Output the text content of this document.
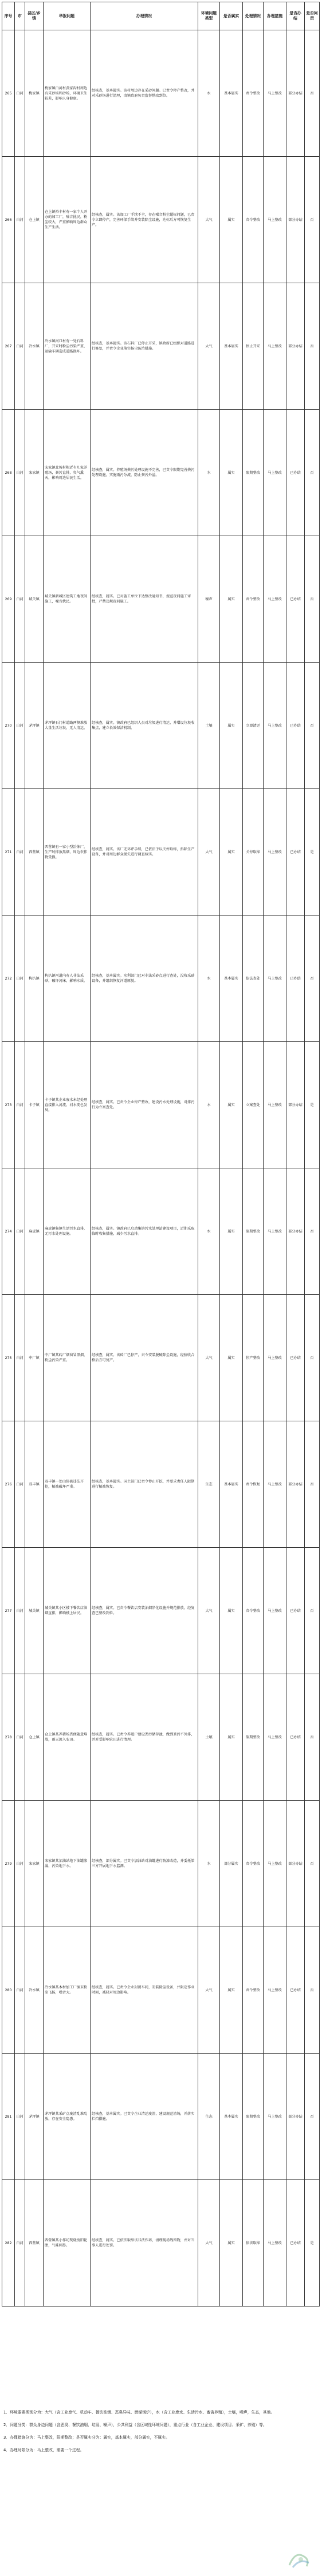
序号	市	县区/乡镇	举报问题	办理情况	环境问题类型	是否属实	处理情况	办理措施	是否办结	是否问责
265	白河	梅家镇	梅家镇白河村黄家沟村周边有采砂场和砂场，环境卫生较差，影响人身健康。	经核查，基本属实。该村周边存在采砂问题。已责令停产整改，并对采砂场进行清理，由镇政府负责监督整改到位。	水	基本属实	责令整改	马上整改	部分办结	否
266	白河	仓上镇	仓上镇裕丰村有一家个人开办的加工厂，噪音扰民，粉尘较大，严重影响周边群众生产生活。	经核查，属实。该加工厂手续不全，存在噪音粉尘超标问题，已责令立即停产，完善环保手续并安装除尘设施，达标后方可恢复生产。	大气	属实	责令整改	马上整改	部分办结	否
267	白河	冷水镇	冷水镇河口村有一处石料厂，开采时粉尘污染严重，运输车辆造成道路损坏。	经核查，基本属实。该石料厂已停止开采，镇政府已组织对道路进行修复，并责令企业落实扬尘防治措施。	大气	基本属实	停止开采	马上整改	部分办结	否
268	白河	宋家镇	宋家镇北坡村附近有几家养殖场，粪污直排，臭气熏天，影响周边居民生活。	经核查，属实。养殖场粪污处理设施不完善，已责令限期完善粪污处理设施，实施雨污分流，防止粪污外溢。	水	属实	限期整改	马上整改	已办结	否
269	白河	城关镇	城关镇新城区建筑工地夜间施工，噪音扰民。	经核查，属实。已对施工单位下达整改通知书，规范夜间施工审批，严禁违规夜间施工。	噪声	属实	责令整改	马上整改	已办结	否
270	白河	茅坪镇	茅坪镇石门村道路两侧堆放大量生活垃圾，无人清运。	经核查，属实。镇政府已组织人员对垃圾进行清运，并增设垃圾收集点，建立长效保洁机制。	土壤	属实	立即清运	马上整改	已办结	否
271	白河	西营镇	西营镇有一家小型冶炼厂，生产时排放黑烟，周边农作物受损。	经核查，属实。该厂无环评手续，已依法予以关停取缔，拆除生产设备，并对周边群众损失进行调查核实。	大气	属实	关停取缔	马上整改	已办结	是
272	白河	构扒镇	构扒镇河道内有人非法采砂，破坏河床，影响水质。	经核查，基本属实。水利部门已对非法采砂点进行查处，没收采砂设备，并组织恢复河道原貌。	水	基本属实	依法查处	马上整改	已办结	否
273	白河	卡子镇	卡子镇某企业废水未经处理直接排入河流，河水变色发臭。	经核查，属实。已责令企业停产整改，建设污水处理设施，对排污行为立案查处。	水	属实	立案查处	马上整改	部分办结	是
274	白河	麻虎镇	麻虎镇集镇生活污水直排，无污水处理设施。	经核查，属实。镇政府已启动集镇污水处理站建设项目，近期采取临时收集措施，减少污水直排。	水	属实	限期整改	马上整改	部分办结	否
275	白河	中厂镇	中厂镇某砖厂烟囱冒黑烟，粉尘污染严重。	经核查，属实。该砖厂已停产，责令安装脱硫除尘设施，经验收合格后方可复产。	大气	属实	停产整改	马上整改	已办结	否
276	白河	双丰镇	双丰镇一处山体被违法开挖，植被破坏严重。	经核查，基本属实。国土部门已责令停止开挖，并要求责任人限期进行植被恢复。	生态	基本属实	责令恢复	马上整改	部分办结	否
277	白河	城关镇	城关镇某小区楼下餐饮店油烟直排，影响楼上居民。	经核查，属实。已责令餐饮店安装油烟净化设施并规范排放，经复查已整改到位。	大气	属实	责令整改	马上整改	已办结	否
278	白河	仓上镇	仓上镇某养猪场粪便随意堆放，雨天流入农田。	经核查，属实。已责令养殖户建设粪污储存池，做到粪污不外排，并对受影响农田进行清理。	土壤	属实	限期整改	马上整改	已办结	否
279	白河	宋家镇	宋家镇某加油站地下油罐渗漏，污染地下水。	经核查，部分属实。已责令加油站对油罐进行防渗改造，并委托第三方开展地下水监测。	水	部分属实	责令整改	马上整改	部分办结	否
280	白河	冷水镇	冷水镇某木材加工厂锯末粉尘飞扬，噪音大。	经核查，属实。已责令企业封闭车间，安装除尘设备，并限定作业时间，减轻对周边影响。	大气	属实	责令整改	马上整改	已办结	否
281	白河	茅坪镇	茅坪镇某采矿点废渣乱堆乱放，存在安全隐患。	经核查，基本属实。已责令企业清运废渣，建设规范渣场，并落实拦挡措施。	生态	基本属实	限期整改	马上整改	部分办结	否
282	白河	西营镇	西营镇某小作坊焚烧废旧轮胎，气味刺鼻。	经核查，属实。已依法取缔该非法作坊，清理现场残留物，并对当事人进行处罚。	大气	属实	依法取缔	马上整改	已办结	是

1．环境要素类别分为：大气（含工业废气、机动车、餐饮油烟、恶臭异味、燃煤锅炉），水（含工业废水、生活污水、畜禽养殖），土壤，噪声，生态，其他。

2．问题分类：群众身边问题（含恶臭、餐饮油烟、垃圾、噪声），公共利益（含区域性环境问题），重点行业（含工业企业、建设项目、采矿、养殖）等。

3．办理措施分为：马上整改，限期整改；是否属实分为：属实，基本属实，部分属实，不属实。

4．办理时限分为：马上整改，需要一个过程。
